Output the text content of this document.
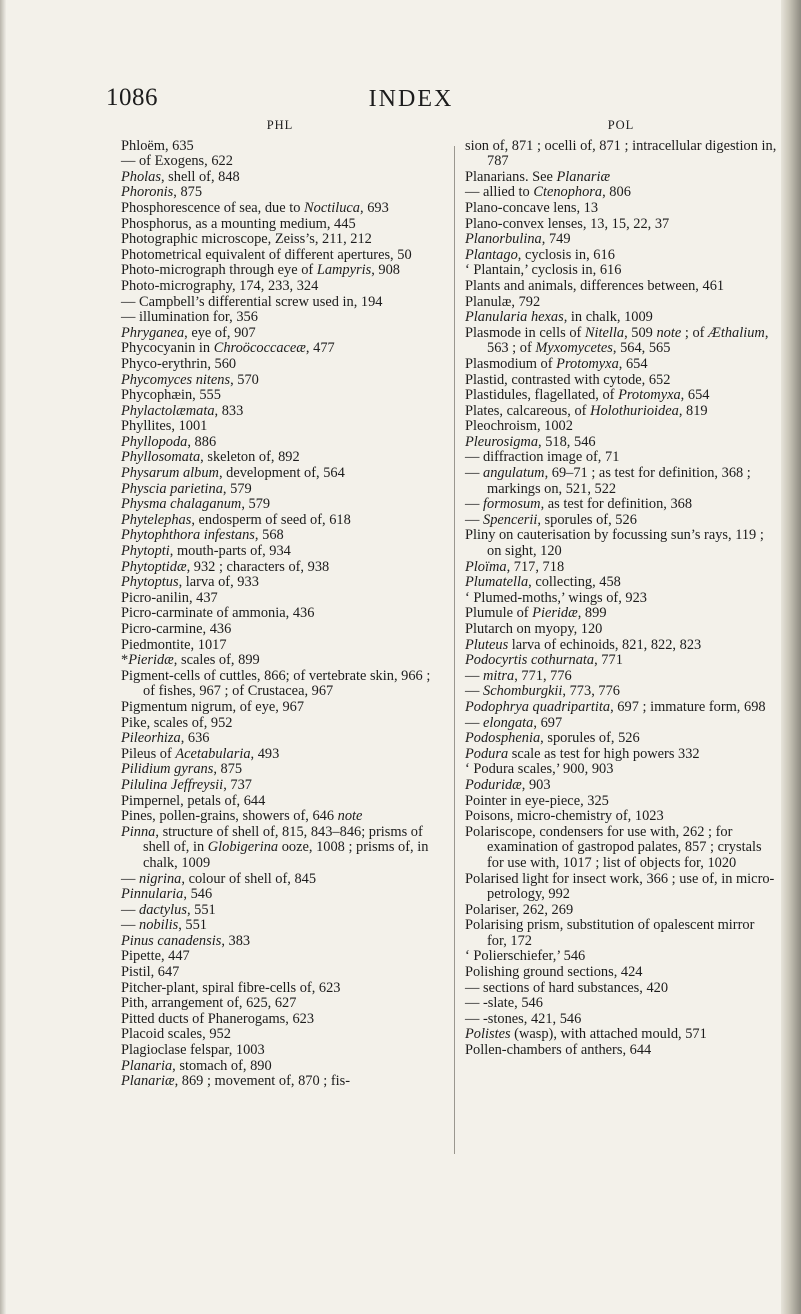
1086	INDEX
PHL

Phloëm, 635

— of Exogens, 622

Pholas, shell of, 848

Phoronis, 875

Phosphorescence of sea, due to Noctiluca, 693

Phosphorus, as a mounting medium, 445

Photographic microscope, Zeiss’s, 211, 212

Photometrical equivalent of different apertures, 50

Photo-micrograph through eye of Lampyris, 908

Photo-micrography, 174, 233, 324

— Campbell’s differential screw used in, 194

— illumination for, 356

Phryganea, eye of, 907

Phycocyanin in Chroöcoccaceæ, 477

Phyco-erythrin, 560

Phycomyces nitens, 570

Phycophæin, 555

Phylactolæmata, 833

Phyllites, 1001

Phyllopoda, 886

Phyllosomata, skeleton of, 892

Physarum album, development of, 564

Physcia parietina, 579

Physma chalaganum, 579

Phytelephas, endosperm of seed of, 618

Phytophthora infestans, 568

Phytopti, mouth-parts of, 934

Phytoptidæ, 932 ; characters of, 938

Phytoptus, larva of, 933

Picro-anilin, 437

Picro-carminate of ammonia, 436

Picro-carmine, 436

Piedmontite, 1017

*Pieridæ, scales of, 899

Pigment-cells of cuttles, 866; of vertebrate skin, 966 ; of fishes, 967 ; of Crustacea, 967

Pigmentum nigrum, of eye, 967

Pike, scales of, 952

Pileorhiza, 636

Pileus of Acetabularia, 493

Pilidium gyrans, 875

Pilulina Jeffreysii, 737

Pimpernel, petals of, 644

Pines, pollen-grains, showers of, 646 note

Pinna, structure of shell of, 815, 843–846; prisms of shell of, in Globigerina ooze, 1008 ; prisms of, in chalk, 1009

— nigrina, colour of shell of, 845

Pinnularia, 546

— dactylus, 551

— nobilis, 551

Pinus canadensis, 383

Pipette, 447

Pistil, 647

Pitcher-plant, spiral fibre-cells of, 623

Pith, arrangement of, 625, 627

Pitted ducts of Phanerogams, 623

Placoid scales, 952

Plagioclase felspar, 1003

Planaria, stomach of, 890

Planariæ, 869 ; movement of, 870 ; fis-

POL

sion of, 871 ; ocelli of, 871 ; intracellular digestion in, 787

Planarians. See Planariæ

— allied to Ctenophora, 806

Plano-concave lens, 13

Plano-convex lenses, 13, 15, 22, 37

Planorbulina, 749

Plantago, cyclosis in, 616

‘ Plantain,’ cyclosis in, 616

Plants and animals, differences between, 461

Planulæ, 792

Planularia hexas, in chalk, 1009

Plasmode in cells of Nitella, 509 note ; of Æthalium, 563 ; of Myxomycetes, 564, 565

Plasmodium of Protomyxa, 654

Plastid, contrasted with cytode, 652

Plastidules, flagellated, of Protomyxa, 654

Plates, calcareous, of Holothurioidea, 819

Pleochroism, 1002

Pleurosigma, 518, 546

— diffraction image of, 71

— angulatum, 69–71 ; as test for definition, 368 ; markings on, 521, 522

— formosum, as test for definition, 368

— Spencerii, sporules of, 526

Pliny on cauterisation by focussing sun’s rays, 119 ; on sight, 120

Ploïma, 717, 718

Plumatella, collecting, 458

‘ Plumed-moths,’ wings of, 923

Plumule of Pieridæ, 899

Plutarch on myopy, 120

Pluteus larva of echinoids, 821, 822, 823

Podocyrtis cothurnata, 771

— mitra, 771, 776

— Schomburgkii, 773, 776

Podophrya quadripartita, 697 ; immature form, 698

— elongata, 697

Podosphenia, sporules of, 526

Podura scale as test for high powers 332

‘ Podura scales,’ 900, 903

Poduridæ, 903

Pointer in eye-piece, 325

Poisons, micro-chemistry of, 1023

Polariscope, condensers for use with, 262 ; for examination of gastropod palates, 857 ; crystals for use with, 1017 ; list of objects for, 1020

Polarised light for insect work, 366 ; use of, in micro-petrology, 992

Polariser, 262, 269

Polarising prism, substitution of opalescent mirror for, 172

‘ Polierschiefer,’ 546

Polishing ground sections, 424

— sections of hard substances, 420

— -slate, 546

— -stones, 421, 546

Polistes (wasp), with attached mould, 571

Pollen-chambers of anthers, 644
